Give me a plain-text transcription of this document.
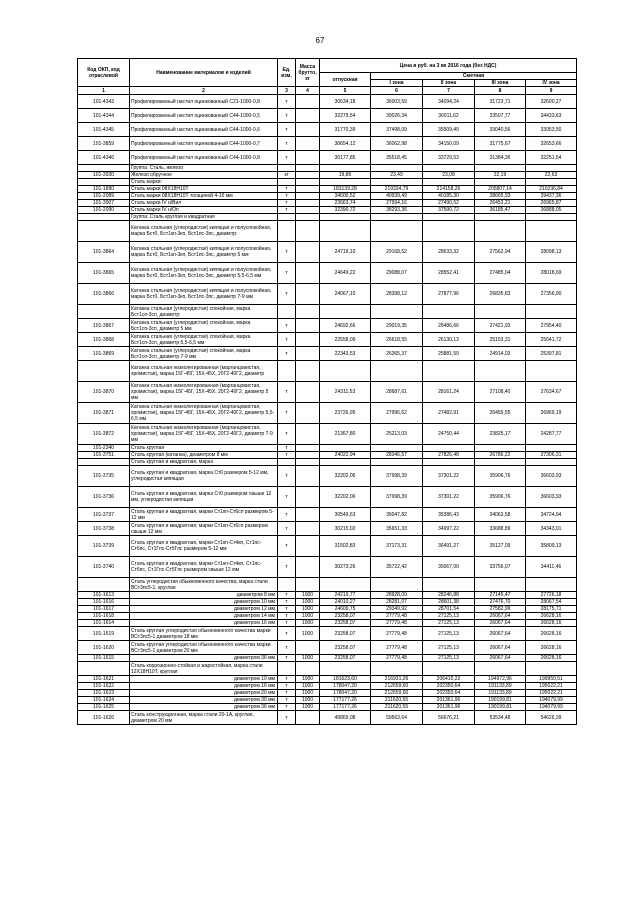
67
Код ОКП, код отраслевой	Наименование материалов и изделий	Ед. изм.	Масса брутто, кг	Цена в руб. на 3 кв 2016 года (без НДС)				
				отпускная	Сметная			
					I зона	II зона	III зона	IV зона
1	2	3	4	5	6	7	8	9
101-4343	Профилированный настил оцинкованный С21-1000-0,8	т		30634,18	36003,59	34094,24	31723,71	32600,27
101-4344	Профилированный настил оцинкованный С44-1000-0,5	т		32279,54	39026,34	36011,62	33507,77	34433,63
101-4345	Профилированный настил оцинкованный С44-1000-0,6	т		31770,39	37498,09	35509,49	33040,56	33953,50
101-3859	Профилированный настил оцинкованный С44-1000-0,7	т		30654,12	36062,98	34150,09	31775,67	32653,66
101-4346	Профилированный настил оцинкованный С44-1000-0,8	т		30177,85	35518,45	33729,53	31384,36	32251,54
	Группа: Сталь, железо							
101-3930	Железо обручное	кг		19,86	23,49	23,08	22,19	22,63
	Сталь марки:							
101-1890	Сталь марки 08Х18Н10Т	т		183139,28	219334,79	214158,26	205807,14	210236,84
101-2089	Сталь марки 08Х18Н10Т толщиной 4-16 мм	т		34600,52	40939,49	40185,30	38665,93	39437,36
101-3907	Сталь марки IV н/Вил	т		23663,74	27994,16	27490,52	26453,21	26965,87
101-2090	Сталь марки IV н/Оп	т		32390,72	38293,36	37590,72	36185,47	36888,05
	Группа: Сталь круглая и квадратная							
	Катанка стальная (углеродистая) кипящая и полуспокойная, марка Бст0, Бст1кп-3кп, Бст1пс-3пс, диаметр:							
101-3864	Катанка стальная (углеродистая) кипящая и полуспокойная, марка Бст0, Бст1кп-3кп, Бст1пс-3пс, диаметр 5 мм	т		24719,10	29168,52	28633,32	27562,94	28098,13
101-3865	Катанка стальная (углеродистая) кипящая и полуспокойная, марка Бст0, Бст1кп-3кп, Бст1пс-3пс, диаметр 5,5-6,5 мм	т		24649,22	29088,07	28552,41	27485,04	28018,69
101-3866	Катанка стальная (углеродистая) кипящая и полуспокойная, марка Бст0, Бст1кп-3кп, Бст1пс-3пс, диаметр 7-9 мм	т		24067,10	28398,12	27877,96	26835,83	27356,90
	Катанка стальная (углеродистая) спокойная, марка Бст1сп-3сп, диаметр:							
101-3867	Катанка стальная (углеродистая) спокойная, марка Бст1сп-3сп, диаметр 5 мм	т		24692,66	29019,35	28486,66	27421,93	27954,40
101-3868	Катанка стальная (углеродистая) спокойная, марка Бст1сп-3сп, диаметр 5,5-6,5 мм	т		22558,09	26618,55	26130,13	25153,31	25641,72
101-3869	Катанка стальная (углеродистая) спокойная, марка Бст1сп-3сп, диаметр 7-9 мм	т		22343,53	26365,37	25881,59	24914,03	25397,81
	Катанка стальная низколегированная (марганцовистая, хромистая), марка 15Г-45Г, 15Х-45Х, 20Г2-40Г2, диаметр							
101-3870	Катанка стальная низколегированная (марганцовистая, хромистая), марка 15Г-45Г, 15Х-45Х, 20Г2-40Г2, диаметр 5 мм	т		24311,53	28687,61	28161,24	27108,40	27634,67
101-3871	Катанка стальная низколегированная (марганцовистая, хромистая), марка 15Г-45Г, 15Х-45Х, 20Г2-40Г2, диаметр 5,5-6,5 мм	т		23726,95	27996,62	27482,91	26455,55	26969,19
101-3872	Катанка стальная низколегированная (марганцовистая, хромистая), марка 15Г-45Г, 15Х-45Х, 20Г2-40Г2, диаметр 7-9 мм	т		21367,80	25213,03	24750,44	23825,17	24287,77
101-2340	Сталь круглая	т						
101-3751	Сталь круглая (катанка), диаметром 8 мм	т		24022,94	28346,57	27826,48	26786,22	27306,31
	Сталь круглая и квадратная, марка							
101-3735	Сталь круглая и квадратная, марка Ст0 размером 5-12 мм, углеродистая кипящая	т		32202,06	37998,39	37301,22	35906,76	36603,93
101-3736	Сталь круглая и квадратная, марка Ст0 размером свыше 12 мм, углеродистая кипящая	т		32202,06	37998,39	37301,22	35906,76	36603,93
101-3737	Сталь круглая и квадратная, марки Ст1кп-Ст6сп размером 5-12 мм	т		30549,63	36047,82	35386,43	34063,58	34724,94
101-3738	Сталь круглая и квадратная, марки Ст1кп-Ст6сп размером свыше 12 мм	т		30215,02	35651,33	34997,22	33688,89	34343,01
101-3739	Сталь круглая и квадратная, марки Ст1кп-Ст4кп, Ст1пс-Ст6пс, Ст1Гпс-Ст5Гпс размером 5-12 мм	т		31502,83	37173,31	36491,27	35127,09	35809,13
101-3740	Сталь круглая и квадратная, марки Ст1кп-Ст4кп, Ст1пс-Ст6пс, Ст1Гпс-Ст5Гпс размером свыше 12 мм	т		30273,26	35722,42	35067,00	33756,07	34411,46
	Сталь углеродистая обыкновенного качества, марка стали ВСт3пс5-1, круглая							
101-1613	диаметром 8 мм	т	1000	24219,77	28928,09	28246,88	27145,47	27726,18
101-1616	диаметром 10 мм	т	1000	24010,27	28281,07	28601,38	27476,70	28067,54
101-1617	диаметром 12 мм	т	1000	24609,75	29349,92	28701,54	27582,99	28175,71
101-1618	диаметром 14 мм	т	1000	23258,07	27779,48	27125,13	26067,64	26628,16
101-1614	диаметром 16 мм	т	1000	23258,07	27779,48	27125,13	26067,64	26628,16
101-1619	Сталь круглая углеродистая обыкновенного качества марки ВСт3пс5-1 диаметром 18 мм	т	1000	23258,07	27779,48	27125,13	26067,64	26628,16
101-1620	Сталь круглая углеродистая обыкновенного качества марки ВСт3пс5-1 диаметром 20 мм	т		23258,07	27779,48	27125,13	26067,64	26628,16
101-1615	диаметром 36 мм	т	1000	23258,07	27779,48	27125,13	26067,64	26628,16
	Сталь коррозионно-стойкая и жаростойкая, марка стали 12Х18Н10Т, круглая							
101-1621	диаметром 10 мм	т	1000	181623,60	216931,26	206415,22	194972,96	199950,51
101-1622	диаметром 16 мм	т	1000	178047,20	212659,60	202350,64	191133,89	195022,21
101-1623	диаметром 20 мм	т	1000	178047,20	212659,60	202350,64	191133,89	195022,21
101-1624	диаметром 30 мм	т	1000	177177,26	211620,55	201361,96	190199,81	194079,99
101-1625	диаметром 36 мм	т	1000	177177,26	211620,55	201361,96	190199,81	194079,99
101-1626	Сталь конструкционная, марка стали 20-1А, круглая, диаметром 20 мм	т		49869,08	59563,64	56676,21	53534,48	54626,39
